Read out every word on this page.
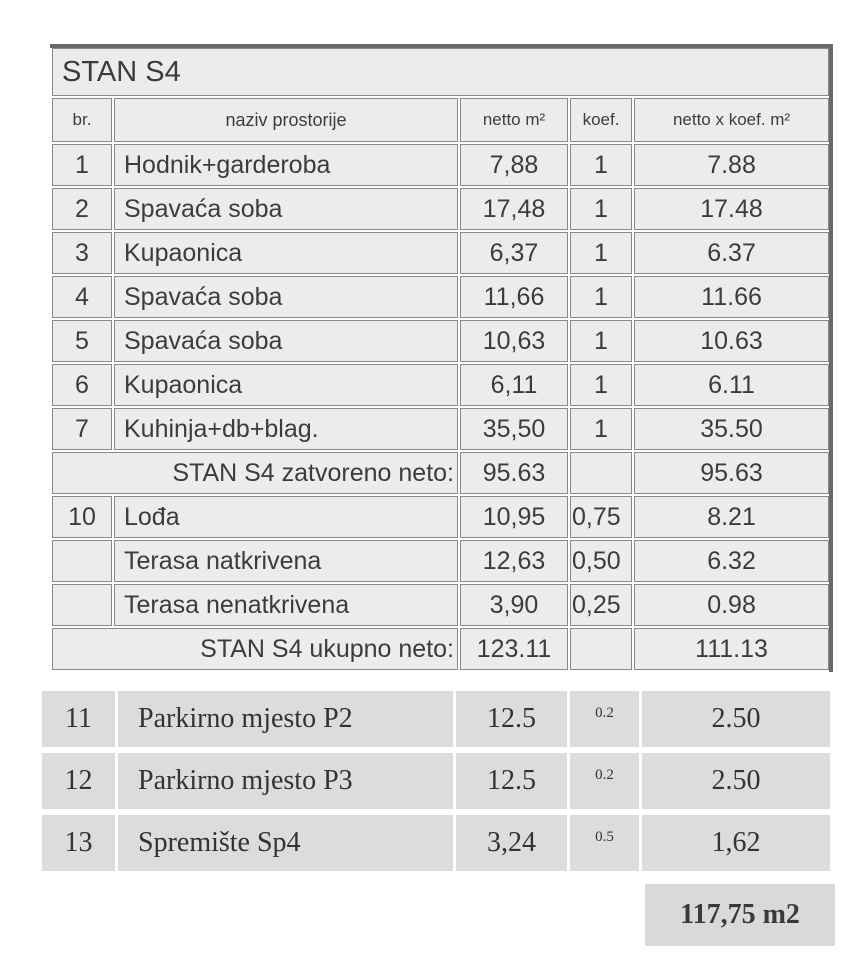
STAN S4				
br.	naziv prostorije	netto m²	koef.	netto x koef. m²
1	Hodnik+garderoba	7,88	1	7.88
2	Spavaća soba	17,48	1	17.48
3	Kupaonica	6,37	1	6.37
4	Spavaća soba	11,66	1	11.66
5	Spavaća soba	10,63	1	10.63
6	Kupaonica	6,11	1	6.11
7	Kuhinja+db+blag.	35,50	1	35.50
STAN S4 zatvoreno neto:		95.63		95.63
10	Lođa	10,95	0,75	8.21
	Terasa natkrivena	12,63	0,50	6.32
	Terasa nenatkrivena	3,90	0,25	0.98
STAN S4 ukupno neto:		123.11		111.13
11	Parkirno mjesto P2	12.5	0.2	2.50
12	Parkirno mjesto P3	12.5	0.2	2.50
13	Spremište Sp4	3,24	0.5	1,62
117,75 m2
